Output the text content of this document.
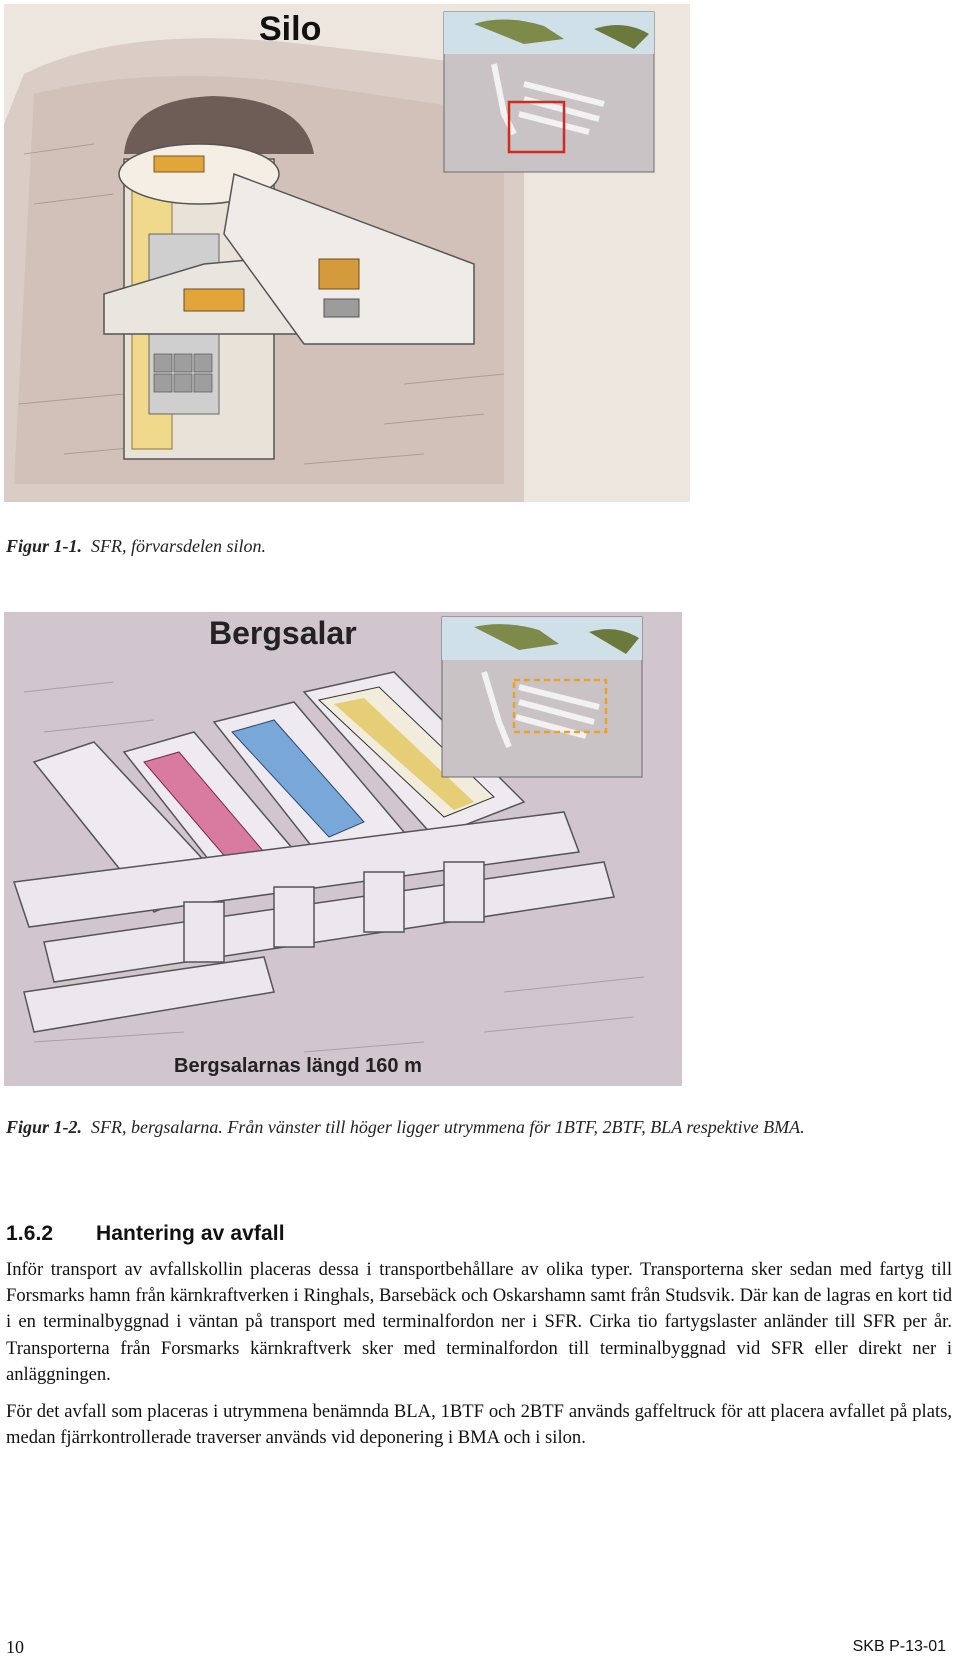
Silo
Figur 1-1. SFR, förvarsdelen silon.
Bergsalar
Bergsalarnas längd 160 m
Figur 1-2. SFR, bergsalarna. Från vänster till höger ligger utrymmena för 1BTF, 2BTF, BLA respektive BMA.
1.6.2 Hantering av avfall

Inför transport av avfallskollin placeras dessa i transportbehållare av olika typer. Transporterna sker sedan med fartyg till Forsmarks hamn från kärnkraftverken i Ringhals, Barsebäck och Oskarshamn samt från Studsvik. Där kan de lagras en kort tid i en terminalbyggnad i väntan på transport med terminalfordon ner i SFR. Cirka tio fartygslaster anländer till SFR per år. Transporterna från Forsmarks kärnkraftverk sker med terminalfordon till terminalbyggnad vid SFR eller direkt ner i anläggningen.

För det avfall som placeras i utrymmena benämnda BLA, 1BTF och 2BTF används gaffeltruck för att placera avfallet på plats, medan fjärrkontrollerade traverser används vid deponering i BMA och i silon.

10	SKB P-13-01
